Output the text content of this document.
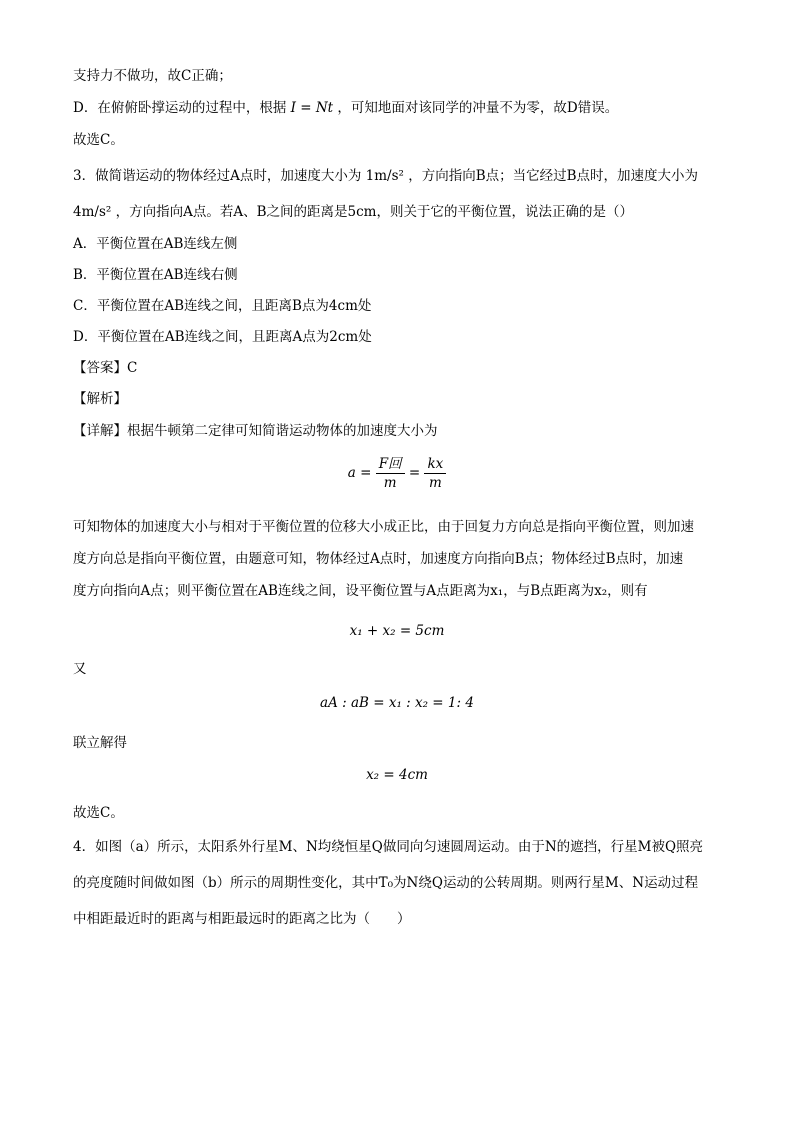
支持力不做功，故C正确；
D．在俯俯卧撑运动的过程中，根据 I = Nt ，可知地面对该同学的冲量不为零，故D错误。
故选C。
3．做简谐运动的物体经过A点时，加速度大小为 1m/s² ，方向指向B点；当它经过B点时，加速度大小为
4m/s² ，方向指向A点。若A、B之间的距离是5cm，则关于它的平衡位置，说法正确的是（）
A．平衡位置在AB连线左侧
B．平衡位置在AB连线右侧
C．平衡位置在AB连线之间，且距离B点为4cm处
D．平衡位置在AB连线之间，且距离A点为2cm处
【答案】C
【解析】
【详解】根据牛顿第二定律可知简谐运动物体的加速度大小为
$a = \frac{\text{F回}}{m} = \frac{kx}{m}$
可知物体的加速度大小与相对于平衡位置的位移大小成正比，由于回复力方向总是指向平衡位置，则加速
度方向总是指向平衡位置，由题意可知，物体经过A点时，加速度方向指向B点；物体经过B点时，加速
度方向指向A点；则平衡位置在AB连线之间，设平衡位置与A点距离为x₁，与B点距离为x₂，则有
x₁ + x₂ = 5cm
又
aA : aB = x₁ : x₂ = 1: 4
联立解得
x₂ = 4cm
故选C。
4．如图（a）所示，太阳系外行星M、N均绕恒星Q做同向匀速圆周运动。由于N的遮挡，行星M被Q照亮
的亮度随时间做如图（b）所示的周期性变化，其中T₀为N绕Q运动的公转周期。则两行星M、N运动过程
中相距最近时的距离与相距最远时的距离之比为（　　）
